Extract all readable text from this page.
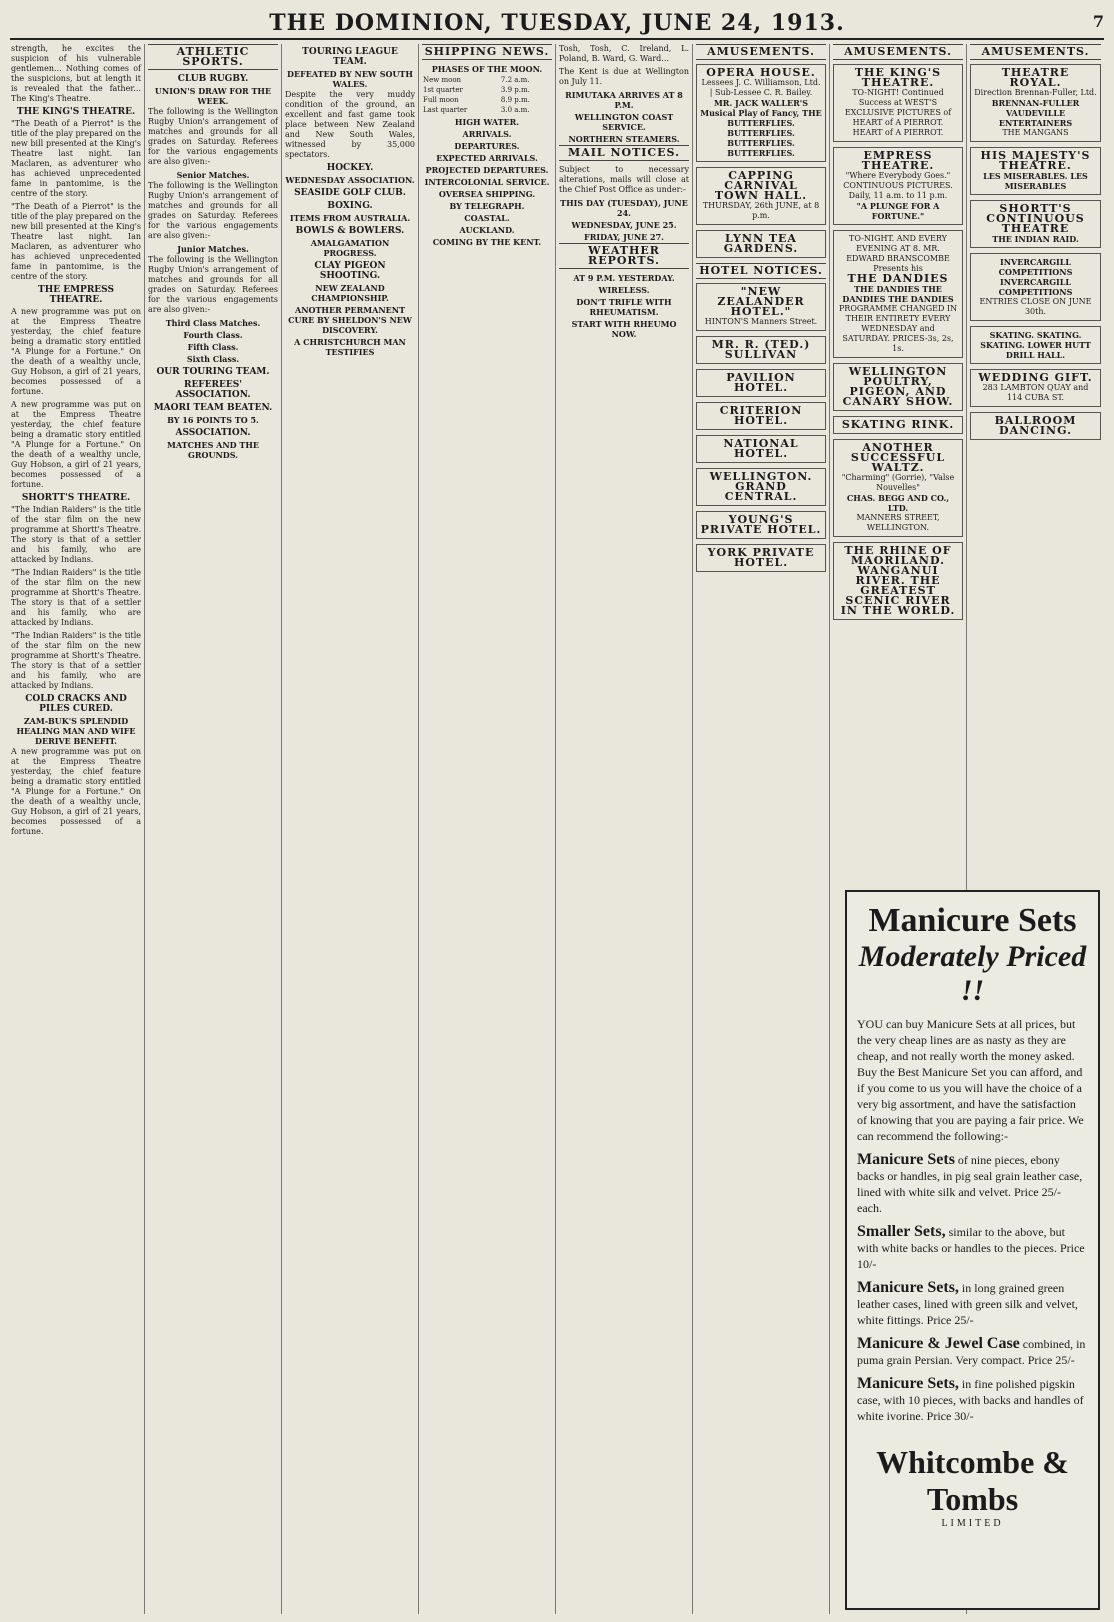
THE DOMINION, TUESDAY, JUNE 24, 1913.	7

strength, he excites the suspicion of his vulnerable gentlemen... Nothing comes of the suspicions, but at length it is revealed that the father... The King's Theatre.

THE KING'S THEATRE.

"The Death of a Pierrot" is the title of the play prepared on the new bill presented at the King's Theatre last night. Ian Maclaren, as adventurer who has achieved unprecedented fame in pantomime, is the centre of the story.

"The Death of a Pierrot" is the title of the play prepared on the new bill presented at the King's Theatre last night. Ian Maclaren, as adventurer who has achieved unprecedented fame in pantomime, is the centre of the story.

THE EMPRESS THEATRE.

A new programme was put on at the Empress Theatre yesterday, the chief feature being a dramatic story entitled "A Plunge for a Fortune." On the death of a wealthy uncle, Guy Hobson, a girl of 21 years, becomes possessed of a fortune.

A new programme was put on at the Empress Theatre yesterday, the chief feature being a dramatic story entitled "A Plunge for a Fortune." On the death of a wealthy uncle, Guy Hobson, a girl of 21 years, becomes possessed of a fortune.

SHORTT'S THEATRE.

"The Indian Raiders" is the title of the star film on the new programme at Shortt's Theatre. The story is that of a settler and his family, who are attacked by Indians.

"The Indian Raiders" is the title of the star film on the new programme at Shortt's Theatre. The story is that of a settler and his family, who are attacked by Indians.

"The Indian Raiders" is the title of the star film on the new programme at Shortt's Theatre. The story is that of a settler and his family, who are attacked by Indians.

COLD CRACKS AND PILES CURED.
ZAM-BUK'S SPLENDID HEALING MAN AND WIFE DERIVE BENEFIT.

A new programme was put on at the Empress Theatre yesterday, the chief feature being a dramatic story entitled "A Plunge for a Fortune." On the death of a wealthy uncle, Guy Hobson, a girl of 21 years, becomes possessed of a fortune.

ATHLETIC SPORTS.
CLUB RUGBY.
UNION'S DRAW FOR THE WEEK.

The following is the Wellington Rugby Union's arrangement of matches and grounds for all grades on Saturday. Referees for the various engagements are also given:-

Senior Matches.

The following is the Wellington Rugby Union's arrangement of matches and grounds for all grades on Saturday. Referees for the various engagements are also given:-

Junior Matches.

The following is the Wellington Rugby Union's arrangement of matches and grounds for all grades on Saturday. Referees for the various engagements are also given:-

Third Class Matches.
Fourth Class.
Fifth Class.
Sixth Class.
OUR TOURING TEAM.
REFEREES' ASSOCIATION.
MAORI TEAM BEATEN.
BY 16 POINTS TO 5.
ASSOCIATION.
MATCHES AND THE GROUNDS.
TOURING LEAGUE TEAM.
DEFEATED BY NEW SOUTH WALES.

Despite the very muddy condition of the ground, an excellent and fast game took place between New Zealand and New South Wales, witnessed by 35,000 spectators.

HOCKEY.
WEDNESDAY ASSOCIATION.
SEASIDE GOLF CLUB.
BOXING.
ITEMS FROM AUSTRALIA.
BOWLS & BOWLERS.
AMALGAMATION PROGRESS.
CLAY PIGEON SHOOTING.
NEW ZEALAND CHAMPIONSHIP.
ANOTHER PERMANENT CURE BY SHELDON'S NEW DISCOVERY.
A CHRISTCHURCH MAN TESTIFIES
SHIPPING NEWS.
PHASES OF THE MOON.
New moon	7.2 a.m.
1st quarter	3.9 p.m.
Full moon	8.9 p.m.
Last quarter	3.0 a.m.
HIGH WATER.
ARRIVALS.
DEPARTURES.
EXPECTED ARRIVALS.
PROJECTED DEPARTURES.
INTERCOLONIAL SERVICE.
OVERSEA SHIPPING.
BY TELEGRAPH.
COASTAL.
AUCKLAND.
COMING BY THE KENT.

Tosh, Tosh, C. Ireland, L. Poland, B. Ward, G. Ward...

The Kent is due at Wellington on July 11.

RIMUTAKA ARRIVES AT 8 P.M.
WELLINGTON COAST SERVICE.
NORTHERN STEAMERS.
MAIL NOTICES.

Subject to necessary alterations, mails will close at the Chief Post Office as under:-

THIS DAY (TUESDAY), JUNE 24.
WEDNESDAY, JUNE 25.
FRIDAY, JUNE 27.
WEATHER REPORTS.
AT 9 P.M. YESTERDAY.
WIRELESS.
DON'T TRIFLE WITH RHEUMATISM.
START WITH RHEUMO NOW.
AMUSEMENTS.
OPERA HOUSE.
Lessees J. C. Williamson, Ltd. | Sub-Lessee C. R. Bailey.
MR. JACK WALLER'S Musical Play of Fancy, THE BUTTERFLIES.
BUTTERFLIES. BUTTERFLIES. BUTTERFLIES.
CAPPING CARNIVAL TOWN HALL.
THURSDAY, 26th JUNE, at 8 p.m.
LYNN TEA GARDENS.
HOTEL NOTICES.
"NEW ZEALANDER HOTEL."
HINTON'S Manners Street.
MR. R. (TED.) SULLIVAN
PAVILION HOTEL.
CRITERION HOTEL.
NATIONAL HOTEL.
WELLINGTON. GRAND CENTRAL.
YOUNG'S PRIVATE HOTEL.
YORK PRIVATE HOTEL.
AMUSEMENTS.
THE KING'S THEATRE.
TO-NIGHT! Continued Success at WEST'S EXCLUSIVE PICTURES of HEART of A PIERROT. HEART of A PIERROT.
EMPRESS THEATRE.
"Where Everybody Goes." CONTINUOUS PICTURES. Daily, 11 a.m. to 11 p.m.
"A PLUNGE FOR A FORTUNE."
TO-NIGHT. AND EVERY EVENING AT 8. MR. EDWARD BRANSCOMBE Presents his
THE DANDIES
THE DANDIES THE DANDIES THE DANDIES
PROGRAMME CHANGED IN THEIR ENTIRETY EVERY WEDNESDAY and SATURDAY. PRICES-3s, 2s, 1s.
WELLINGTON POULTRY, PIGEON, AND CANARY SHOW.
SKATING RINK.
ANOTHER SUCCESSFUL WALTZ.
"Charming" (Gorrie), "Valse Nouvelles"
CHAS. BEGG AND CO., LTD.
MANNERS STREET, WELLINGTON.
THE RHINE OF MAORILAND. WANGANUI RIVER. THE GREATEST SCENIC RIVER IN THE WORLD.
AMUSEMENTS.
THEATRE ROYAL.
Direction Brennan-Fuller, Ltd.
BRENNAN-FULLER VAUDEVILLE ENTERTAINERS
THE MANGANS
HIS MAJESTY'S THEATRE.
LES MISERABLES. LES MISERABLES
SHORTT'S CONTINUOUS THEATRE
THE INDIAN RAID.
INVERCARGILL COMPETITIONS INVERCARGILL COMPETITIONS
ENTRIES CLOSE ON JUNE 30th.
SKATING. SKATING. SKATING. LOWER HUTT DRILL HALL.
WEDDING GIFT.
283 LAMBTON QUAY and 114 CUBA ST.
BALLROOM DANCING.
Manicure Sets
Moderately Priced !!
YOU can buy Manicure Sets at all prices, but the very cheap lines are as nasty as they are cheap, and not really worth the money asked. Buy the Best Manicure Set you can afford, and if you come to us you will have the choice of a very big assortment, and have the satisfaction of knowing that you are paying a fair price. We can recommend the following:-
Manicure Sets of nine pieces, ebony backs or handles, in pig seal grain leather case, lined with white silk and velvet. Price 25/- each.
Smaller Sets, similar to the above, but with white backs or handles to the pieces. Price 10/-
Manicure Sets, in long grained green leather cases, lined with green silk and velvet, white fittings. Price 25/-
Manicure & Jewel Case combined, in puma grain Persian. Very compact. Price 25/-
Manicure Sets, in fine polished pigskin case, with 10 pieces, with backs and handles of white ivorine. Price 30/-
Whitcombe & Tombs
LIMITED
